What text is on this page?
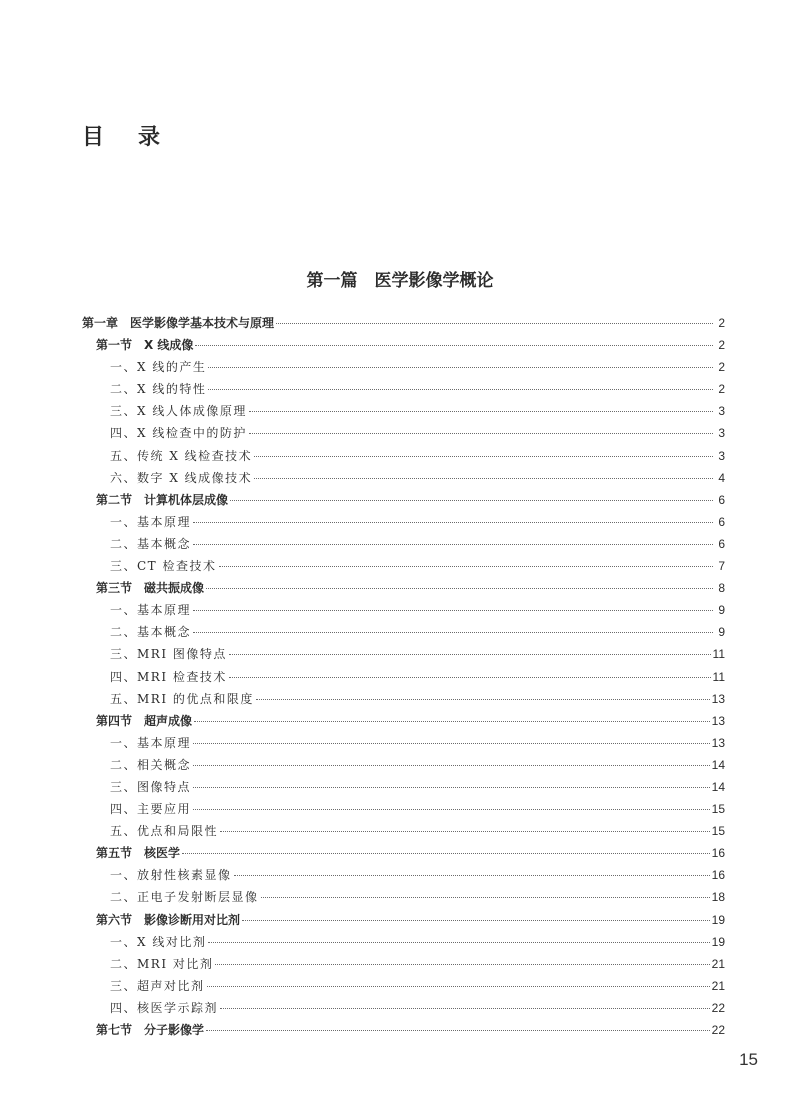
目录
第一篇　医学影像学概论
第一章　医学影像学基本技术与原理	2
第一节　X 线成像	2
一、X 线的产生	2
二、X 线的特性	2
三、X 线人体成像原理	3
四、X 线检查中的防护	3
五、传统 X 线检查技术	3
六、数字 X 线成像技术	4
第二节　计算机体层成像	6
一、基本原理	6
二、基本概念	6
三、CT 检查技术	7
第三节　磁共振成像	8
一、基本原理	9
二、基本概念	9
三、MRI 图像特点	11
四、MRI 检查技术	11
五、MRI 的优点和限度	13
第四节　超声成像	13
一、基本原理	13
二、相关概念	14
三、图像特点	14
四、主要应用	15
五、优点和局限性	15
第五节　核医学	16
一、放射性核素显像	16
二、正电子发射断层显像	18
第六节　影像诊断用对比剂	19
一、X 线对比剂	19
二、MRI 对比剂	21
三、超声对比剂	21
四、核医学示踪剂	22
第七节　分子影像学	22
15
